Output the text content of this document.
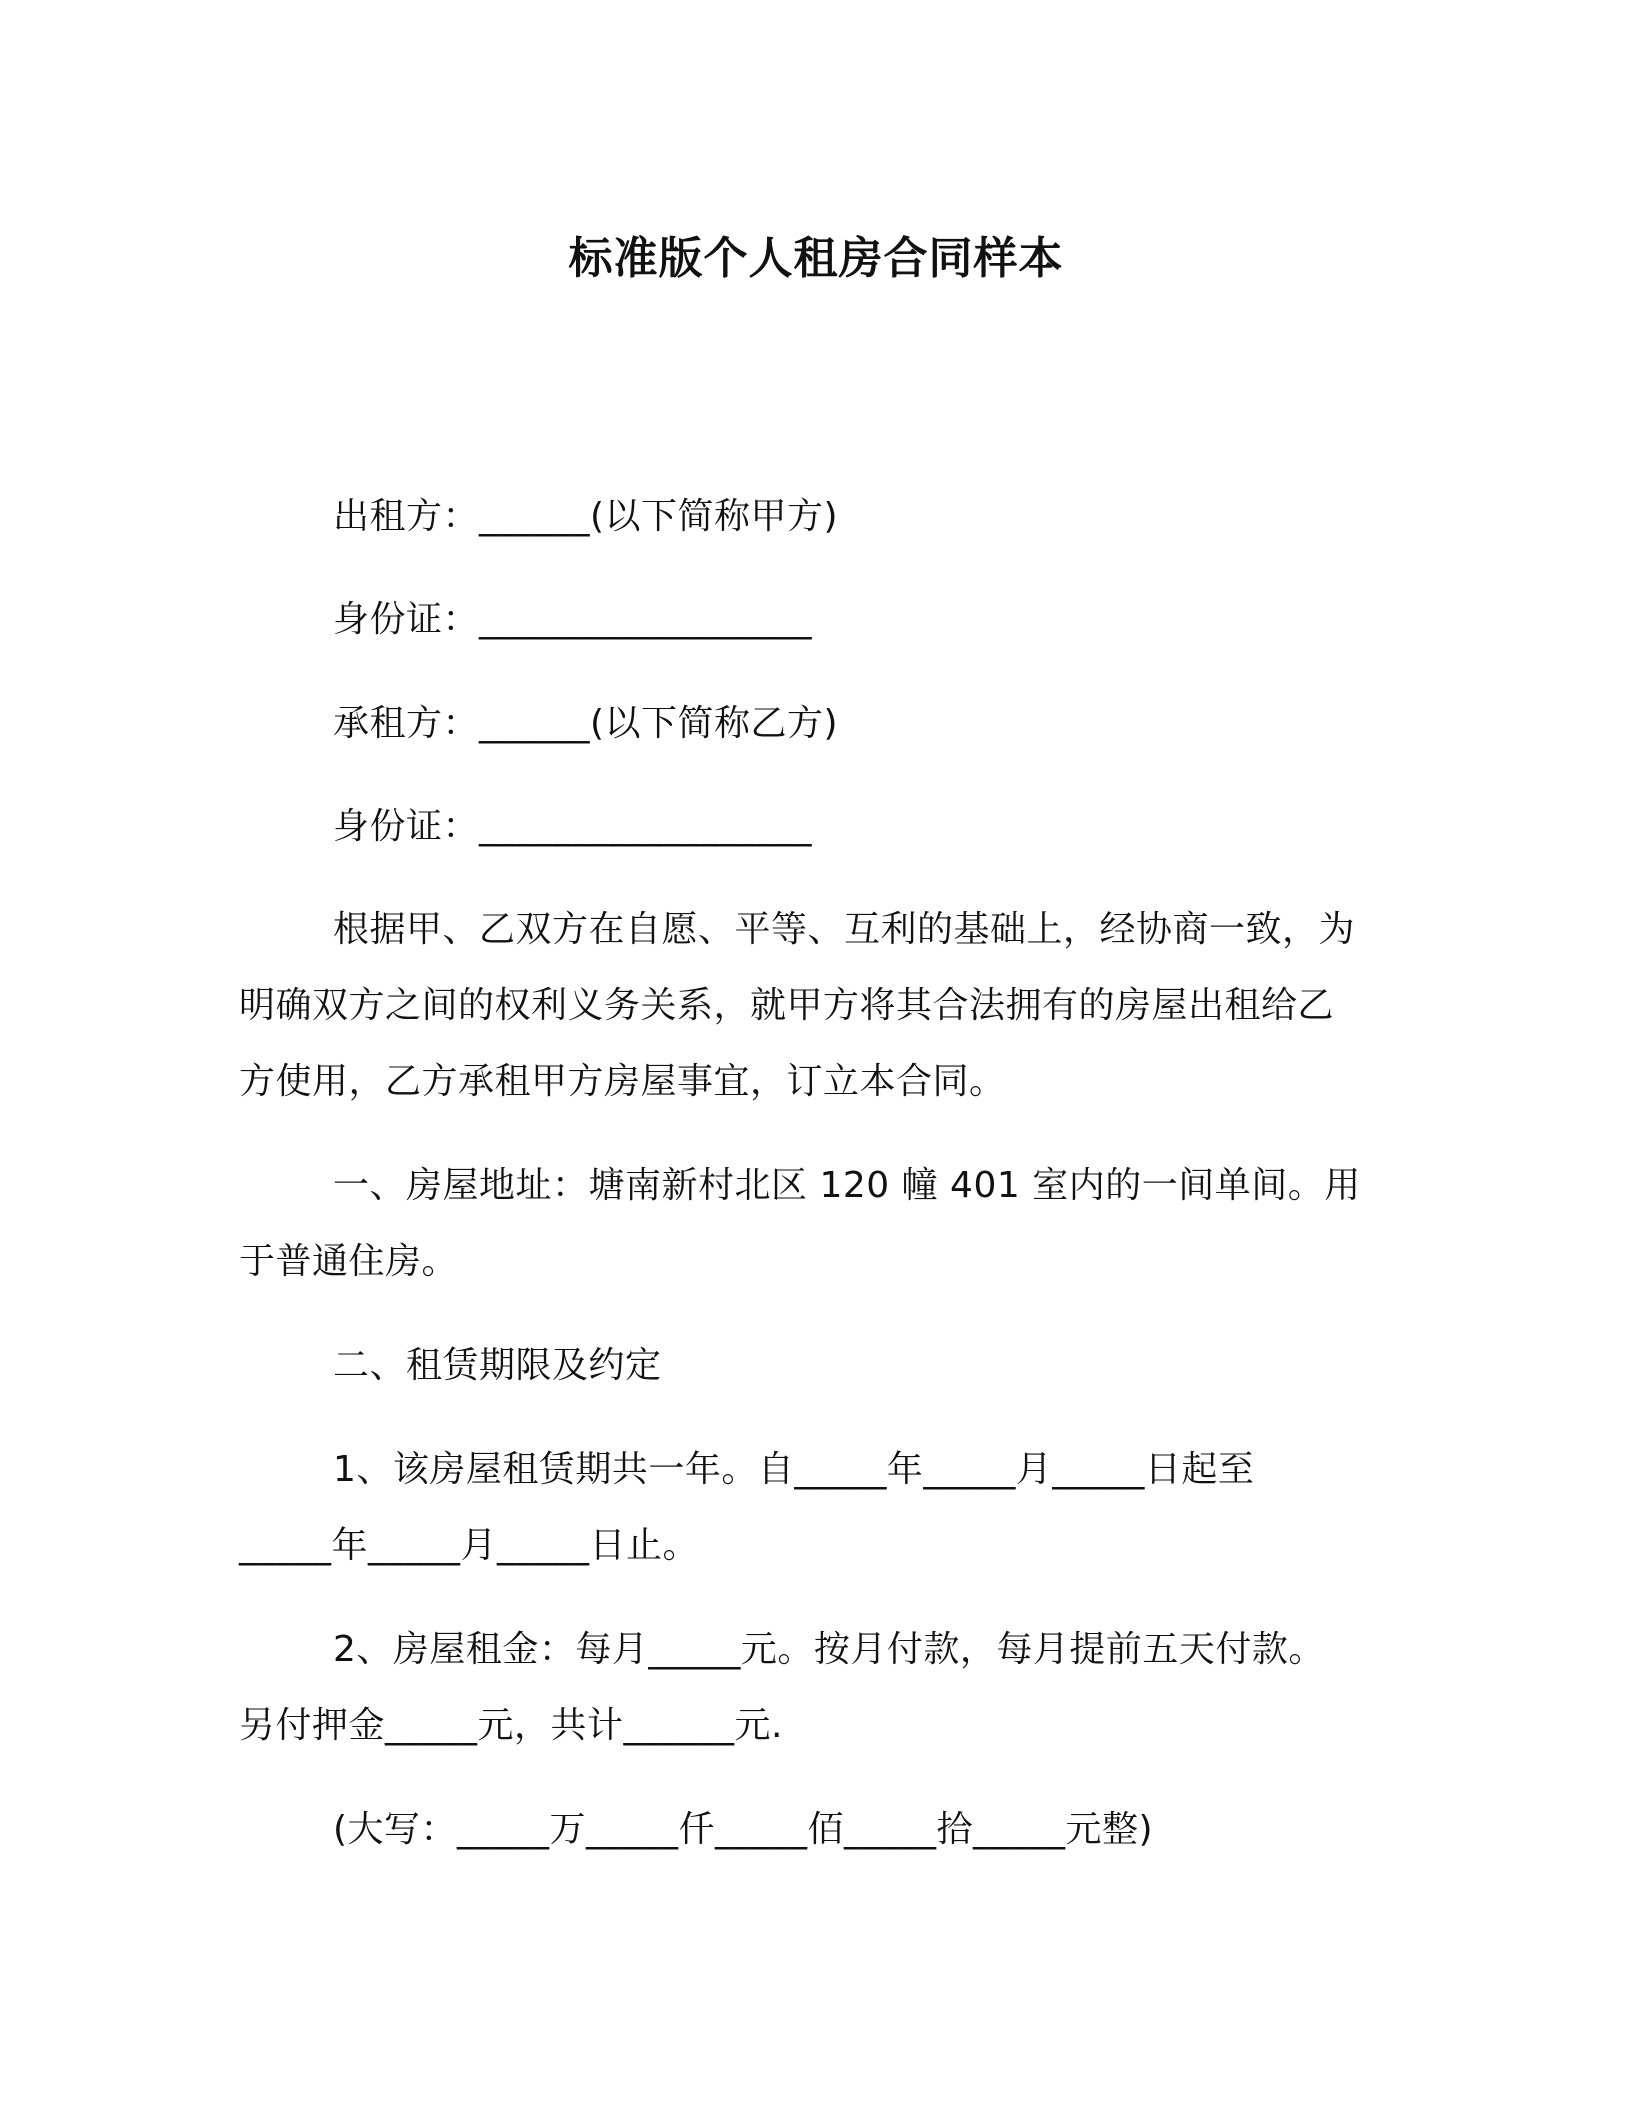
标准版个人租房合同样本
出租方：______(以下简称甲方)
身份证：__________________
承租方：______(以下简称乙方)
身份证：__________________
根据甲、乙双方在自愿、平等、互利的基础上，经协商一致，为
明确双方之间的权利义务关系，就甲方将其合法拥有的房屋出租给乙
方使用，乙方承租甲方房屋事宜，订立本合同。
一、房屋地址：塘南新村北区 120 幢 401 室内的一间单间。用
于普通住房。
二、租赁期限及约定
1、该房屋租赁期共一年。自_____年_____月_____日起至
_____年_____月_____日止。
2、房屋租金：每月_____元。按月付款，每月提前五天付款。
另付押金_____元，共计______元.
(大写：_____万_____仟_____佰_____拾_____元整)
